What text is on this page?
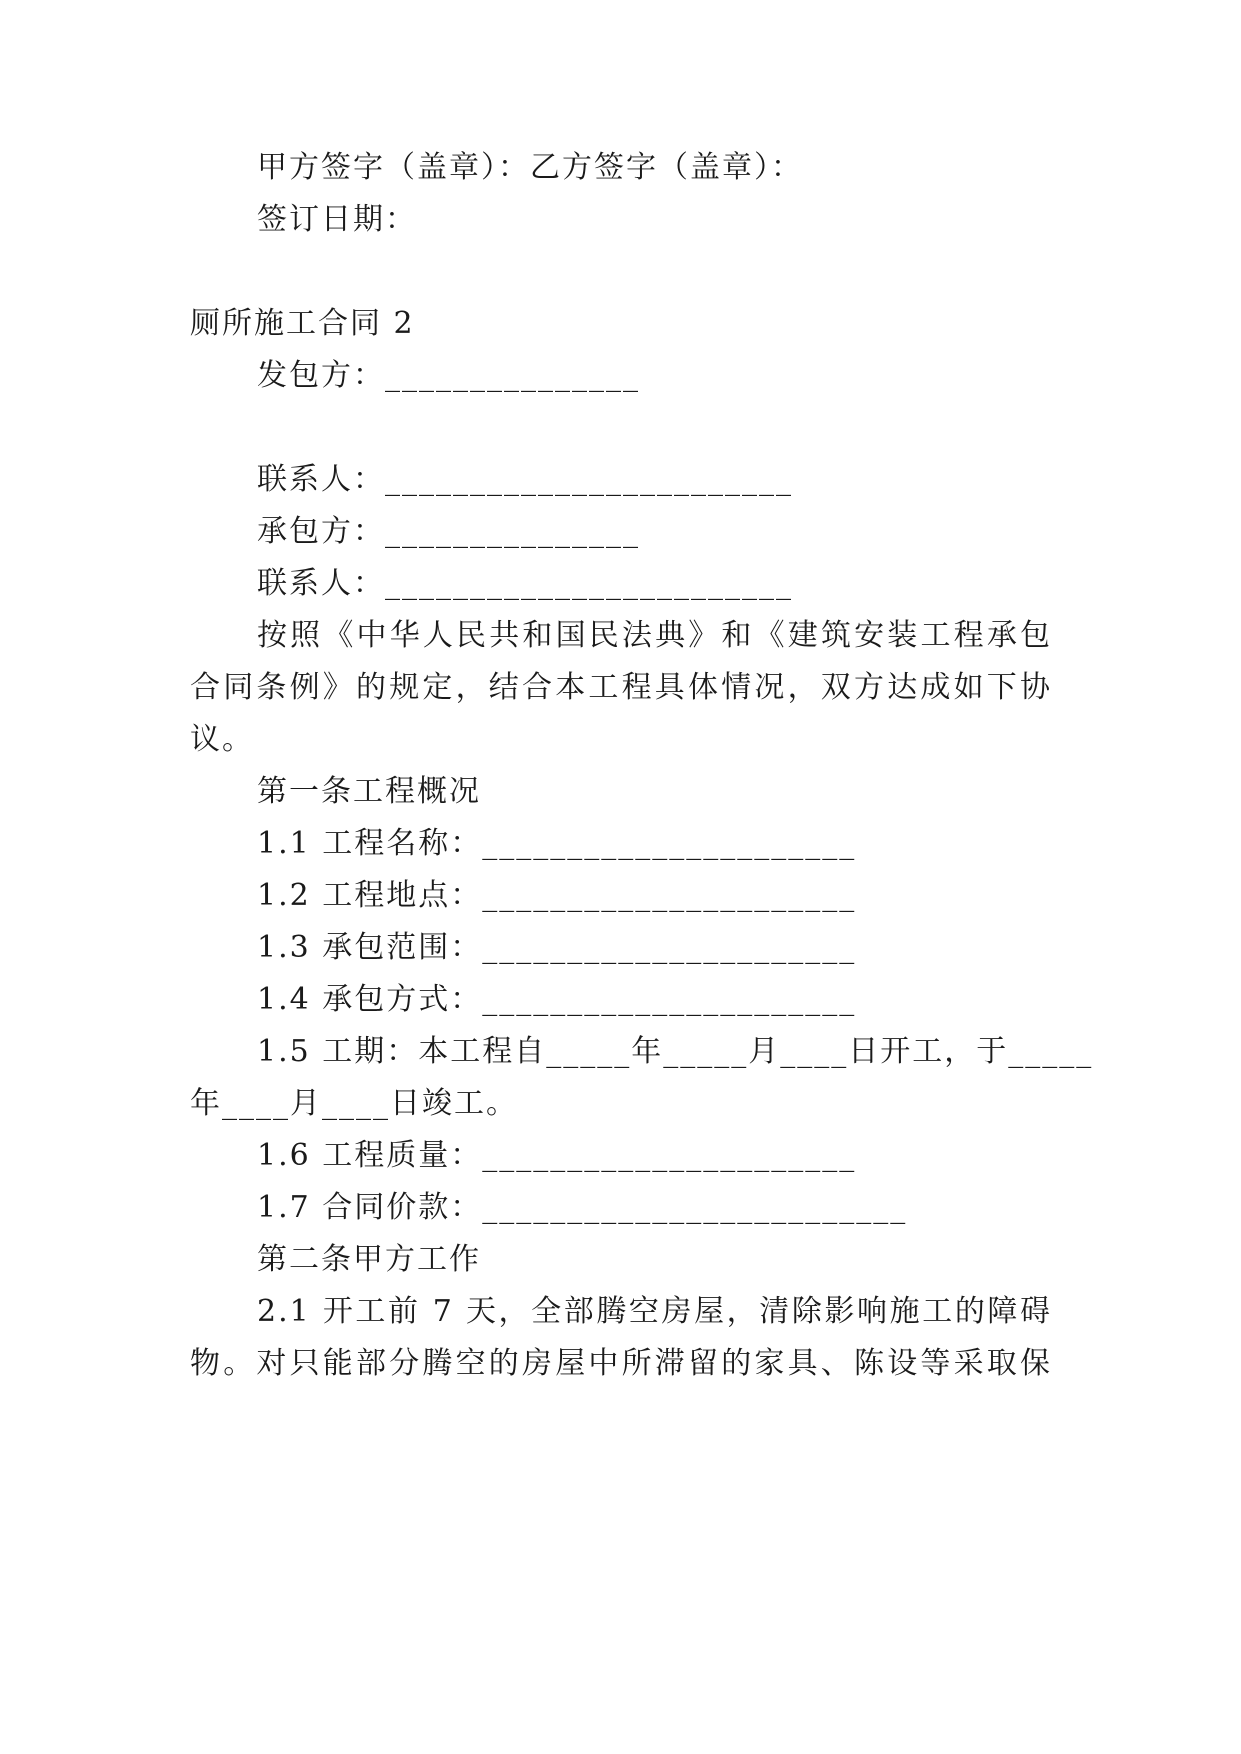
甲方签字（盖章）：乙方签字（盖章）：
签订日期：
厕所施工合同 2
发包方：_______________
联系人：________________________
承包方：_______________
联系人：________________________
按照《中华人民共和国民法典》和《建筑安装工程承包
合同条例》的规定，结合本工程具体情况，双方达成如下协
议。
第一条工程概况
1.1 工程名称：______________________
1.2 工程地点：______________________
1.3 承包范围：______________________
1.4 承包方式：______________________
1.5 工期：本工程自_____年_____月____日开工，于_____
年____月____日竣工。
1.6 工程质量：______________________
1.7 合同价款：_________________________
第二条甲方工作
2.1 开工前 7 天，全部腾空房屋，清除影响施工的障碍
物。对只能部分腾空的房屋中所滞留的家具、陈设等采取保
